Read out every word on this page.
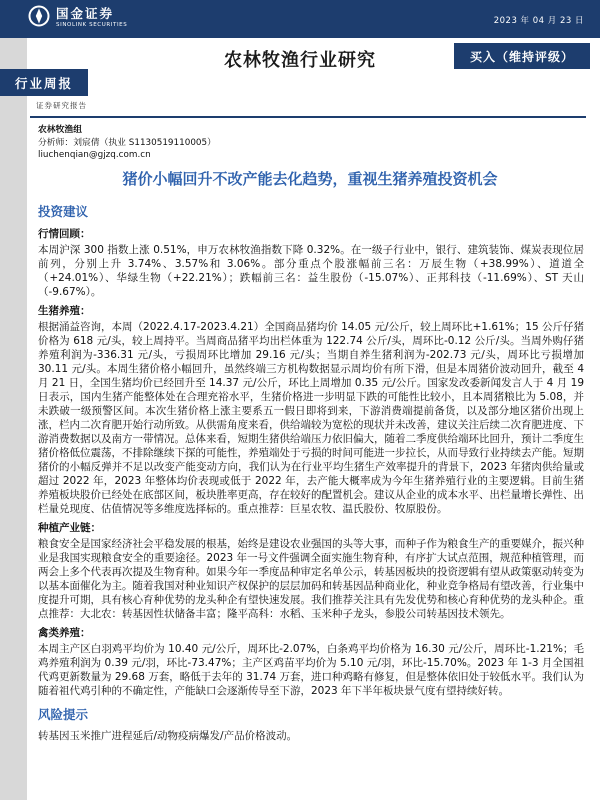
国金证券
SINOLINK SECURITIES	2023 年 04 月 23 日
农林牧渔行业研究	买入（维持评级）
行业周报
证券研究报告
农林牧渔组
分析师：刘宸倩（执业 S1130519110005）
liuchenqian@gjzq.com.cn
猪价小幅回升不改产能去化趋势，重视生猪养殖投资机会
投资建议
行情回顾：

本周沪深 300 指数上涨 0.51%，申万农林牧渔指数下降 0.32%。在一级子行业中，银行、建筑装饰、煤炭表现位居前列，分别上升 3.74%、3.57%和 3.06%。部分重点个股涨幅前三名：万辰生物（+38.99%）、道道全（+24.01%）、华绿生物（+22.21%）；跌幅前三名：益生股份（-15.07%）、正邦科技（-11.69%）、ST 天山（-9.67%）。

生猪养殖：

根据涌益咨询，本周（2022.4.17-2023.4.21）全国商品猪均价 14.05 元/公斤，较上周环比+1.61%；15 公斤仔猪价格为 618 元/头，较上周持平。当周商品猪平均出栏体重为 122.74 公斤/头，周环比-0.12 公斤/头。当周外购仔猪养殖利润为-336.31 元/头，亏损周环比增加 29.16 元/头；当期自养生猪利润为-202.73 元/头，周环比亏损增加 30.11 元/头。本周生猪价格小幅回升，虽然终端三方机构数据显示周均价有所下滑，但是本周猪价波动回升，截至 4 月 21 日，全国生猪均价已经回升至 14.37 元/公斤，环比上周增加 0.35 元/公斤。国家发改委新闻发言人于 4 月 19 日表示，国内生猪产能整体处在合理充裕水平，生猪价格进一步明显下跌的可能性比较小，且本周猪粮比为 5.08，并未跌破一级预警区间。本次生猪价格上涨主要系五一假日即将到来，下游消费端提前备货，以及部分地区猪价出现上涨，栏内二次育肥开始行动所致。从供需角度来看，供给端较为宽松的现状并未改善，建议关注后续二次育肥进度、下游消费数据以及南方一带情况。总体来看，短期生猪供给端压力依旧偏大，随着二季度供给端环比回升，预计二季度生猪价格低位震荡，不排除继续下探的可能性，养殖端处于亏损的时间可能进一步拉长，从而导致行业持续去产能。短期猪价的小幅反弹并不足以改变产能变动方向，我们认为在行业平均生猪生产效率提升的背景下，2023 年猪肉供给量或超过 2022 年，2023 年整体均价表现或低于 2022 年，去产能大概率成为今年生猪养殖行业的主要逻辑。目前生猪养殖板块股价已经处在底部区间，板块胜率更高，存在较好的配置机会。建议从企业的成本水平、出栏量增长弹性、出栏量兑现度、估值情况等多维度选择标的。重点推荐：巨星农牧、温氏股份、牧原股份。

种植产业链：

粮食安全是国家经济社会平稳发展的根基，始终是建设农业强国的头等大事，而种子作为粮食生产的重要媒介，振兴种业是我国实现粮食安全的重要途径。2023 年一号文件强调全面实施生物育种，有序扩大试点范围，规范种植管理，而两会上多个代表再次提及生物育种。如果今年一季度品种审定名单公示，转基因板块的投资逻辑有望从政策驱动转变为以基本面催化为主。随着我国对种业知识产权保护的层层加码和转基因品种商业化，种业竞争格局有望改善，行业集中度提升可期，具有核心育种优势的龙头种企有望快速发展。我们推荐关注具有先发优势和核心育种优势的龙头种企。重点推荐：大北农：转基因性状储备丰富；隆平高科：水稻、玉米种子龙头，参股公司转基因技术领先。

禽类养殖：

本周主产区白羽鸡平均价为 10.40 元/公斤，周环比-2.07%，白条鸡平均价格为 16.30 元/公斤，周环比-1.21%；毛鸡养殖利润为 0.39 元/羽，环比-73.47%；主产区鸡苗平均价为 5.10 元/羽，环比-15.70%。2023 年 1-3 月全国祖代鸡更新数量为 29.68 万套，略低于去年的 31.74 万套，进口种鸡略有修复，但是整体依旧处于较低水平。我们认为随着祖代鸡引种的不确定性，产能缺口会逐渐传导至下游，2023 年下半年板块景气度有望持续好转。

风险提示

转基因玉米推广进程延后/动物疫病爆发/产品价格波动。
